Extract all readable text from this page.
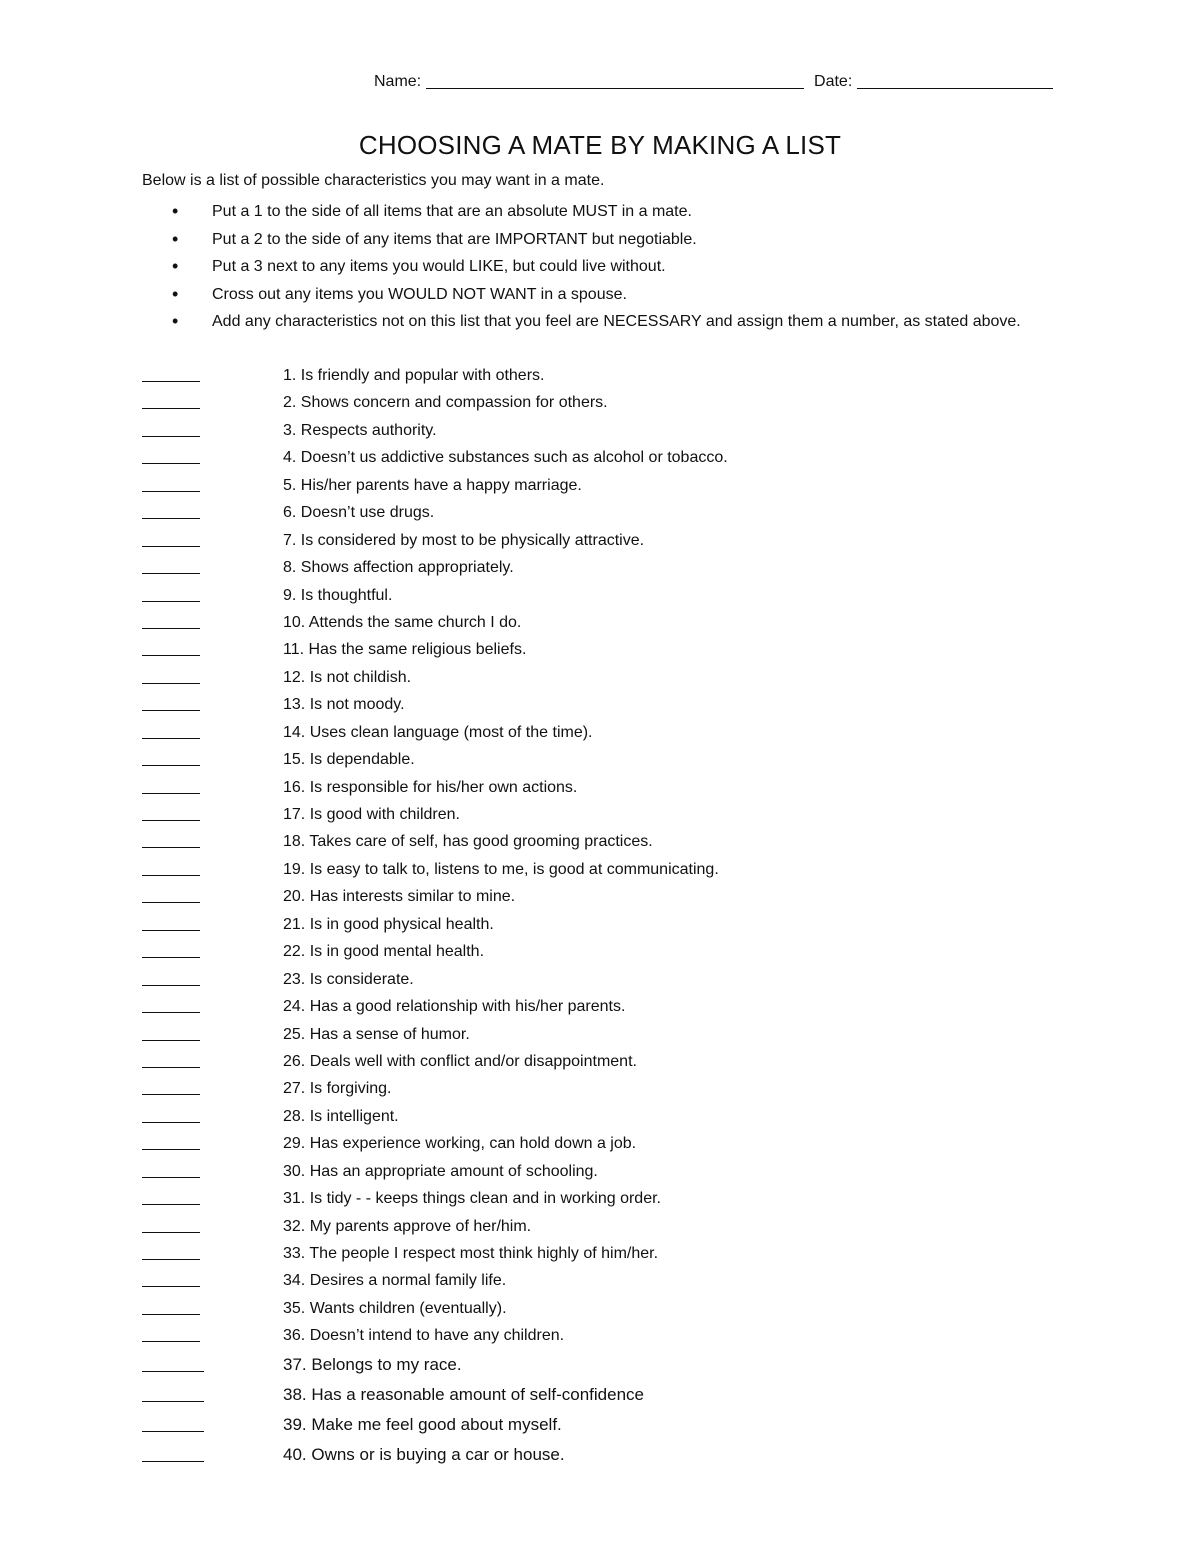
Name:	Date:
CHOOSING A MATE BY MAKING A LIST
Below is a list of possible characteristics you may want in a mate.
• Put a 1 to the side of all items that are an absolute MUST in a mate.
• Put a 2 to the side of any items that are IMPORTANT but negotiable.
• Put a 3 next to any items you would LIKE, but could live without.
• Cross out any items you WOULD NOT WANT in a spouse.
• Add any characteristics not on this list that you feel are NECESSARY and assign them a number, as stated above.
1. Is friendly and popular with others.
2. Shows concern and compassion for others.
3. Respects authority.
4. Doesn’t us addictive substances such as alcohol or tobacco.
5. His/her parents have a happy marriage.
6. Doesn’t use drugs.
7. Is considered by most to be physically attractive.
8. Shows affection appropriately.
9. Is thoughtful.
10. Attends the same church I do.
11. Has the same religious beliefs.
12. Is not childish.
13. Is not moody.
14. Uses clean language (most of the time).
15. Is dependable.
16. Is responsible for his/her own actions.
17. Is good with children.
18. Takes care of self, has good grooming practices.
19. Is easy to talk to, listens to me, is good at communicating.
20. Has interests similar to mine.
21. Is in good physical health.
22. Is in good mental health.
23. Is considerate.
24. Has a good relationship with his/her parents.
25. Has a sense of humor.
26. Deals well with conflict and/or disappointment.
27. Is forgiving.
28. Is intelligent.
29. Has experience working, can hold down a job.
30. Has an appropriate amount of schooling.
31. Is tidy - - keeps things clean and in working order.
32. My parents approve of her/him.
33. The people I respect most think highly of him/her.
34. Desires a normal family life.
35. Wants children (eventually).
36. Doesn’t intend to have any children.
37. Belongs to my race.
38. Has a reasonable amount of self-confidence
39. Make me feel good about myself.
40. Owns or is buying a car or house.
